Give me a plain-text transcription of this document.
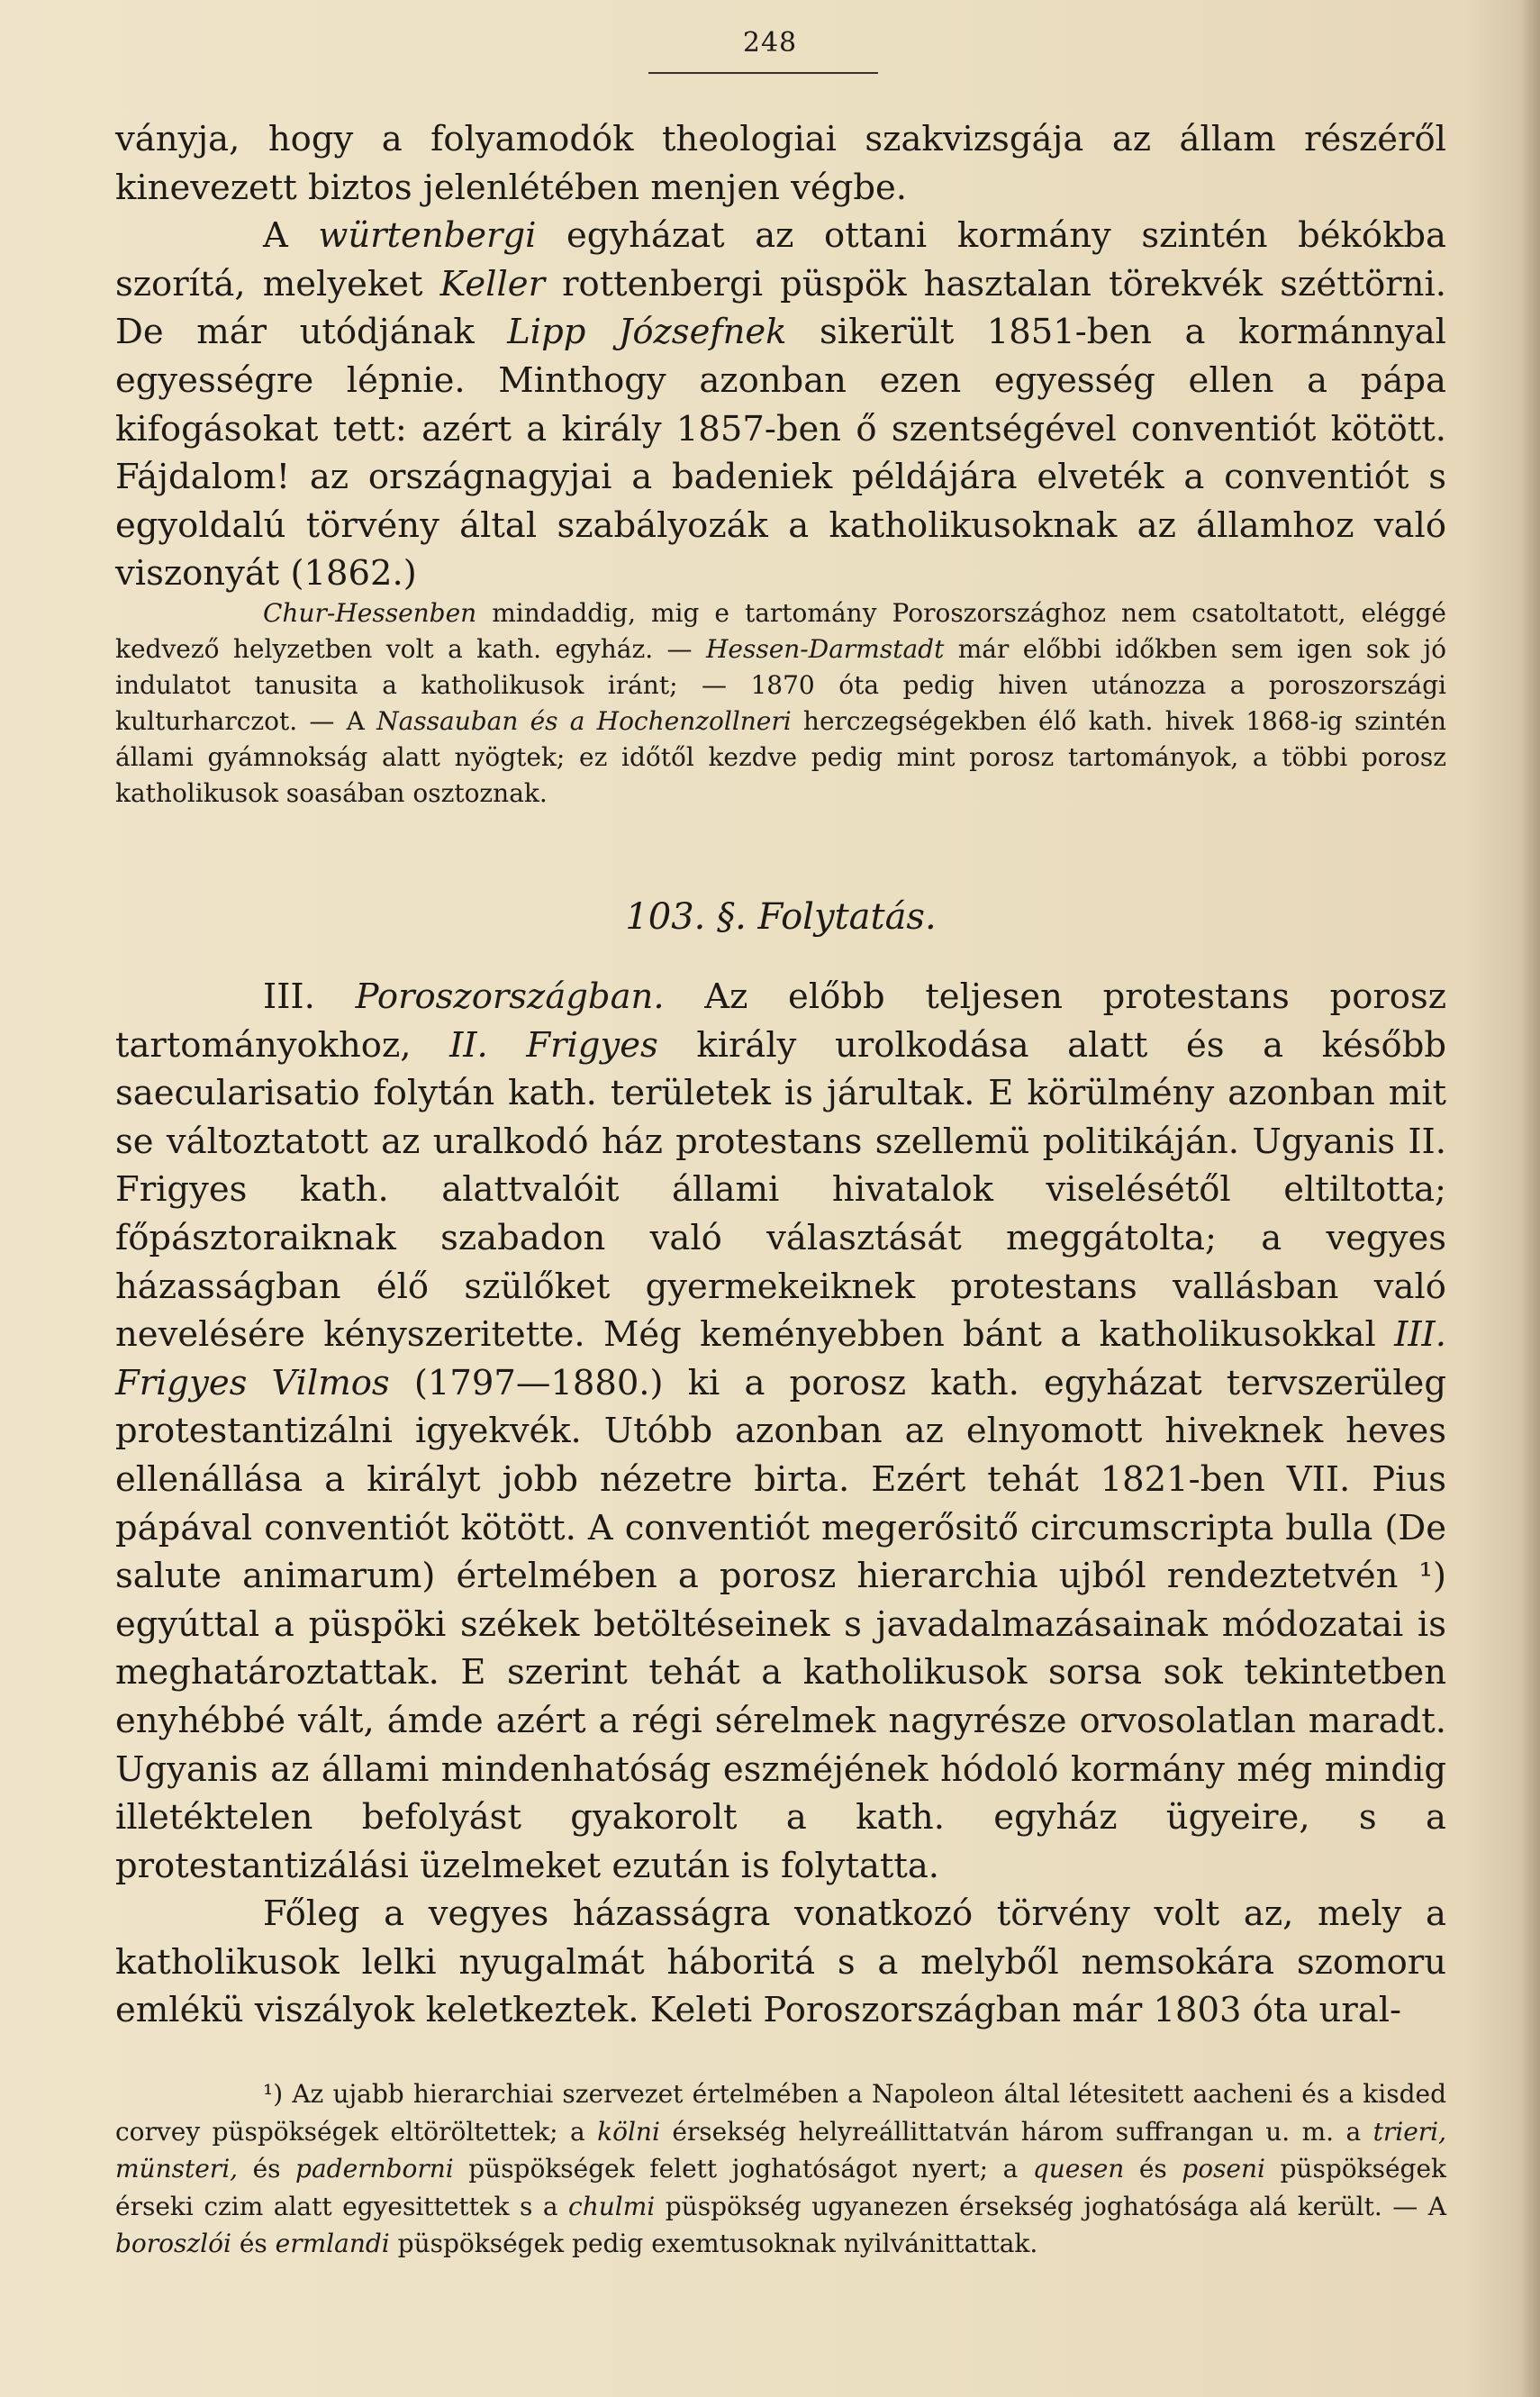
248

ványja, hogy a folyamodók theologiai szakvizsgája az állam részéről kinevezett biztos jelenlétében menjen végbe.

A würtenbergi egyházat az ottani kormány szintén békókba szorítá, melyeket Keller rottenbergi püspök hasztalan törekvék széttörni. De már utódjának Lipp Józsefnek sikerült 1851-ben a kormánnyal egyességre lépnie. Minthogy azonban ezen egyesség ellen a pápa kifogásokat tett: azért a király 1857-ben ő szentségével conventiót kötött. Fájdalom! az országnagyjai a badeniek példájára elveték a conventiót s egyoldalú törvény által szabályozák a katholikusoknak az államhoz való viszonyát (1862.)

Chur-Hessenben mindaddig, mig e tartomány Poroszországhoz nem csatoltatott, eléggé kedvező helyzetben volt a kath. egyház. — Hessen-Darmstadt már előbbi időkben sem igen sok jó indulatot tanusita a katholikusok iránt; — 1870 óta pedig hiven utánozza a poroszországi kulturharczot. — A Nassauban és a Hochenzollneri herczegségekben élő kath. hivek 1868-ig szintén állami gyámnokság alatt nyögtek; ez időtől kezdve pedig mint porosz tartományok, a többi porosz katholikusok soasában osztoznak.

103. §. Folytatás.

III. Poroszországban. Az előbb teljesen protestans porosz tartományokhoz, II. Frigyes király urolkodása alatt és a később saecularisatio folytán kath. területek is járultak. E körülmény azonban mit se változtatott az uralkodó ház protestans szellemü politikáján. Ugyanis II. Frigyes kath. alattvalóit állami hivatalok viselésétől eltiltotta; főpásztoraiknak szabadon való választását meggátolta; a vegyes házasságban élő szülőket gyermekeiknek protestans vallásban való nevelésére kényszeritette. Még keményebben bánt a katholikusokkal III. Frigyes Vilmos (1797—1880.) ki a porosz kath. egyházat tervszerüleg protestantizálni igyekvék. Utóbb azonban az elnyomott hiveknek heves ellenállása a királyt jobb nézetre birta. Ezért tehát 1821-ben VII. Pius pápával conventiót kötött. A conventiót megerősitő circumscripta bulla (De salute animarum) értelmében a porosz hierarchia ujból rendeztetvén ¹) egyúttal a püspöki székek betöltéseinek s javadalmazásainak módozatai is meghatároztattak. E szerint tehát a katholikusok sorsa sok tekintetben enyhébbé vált, ámde azért a régi sérelmek nagyrésze orvosolatlan maradt. Ugyanis az állami mindenhatóság eszméjének hódoló kormány még mindig illetéktelen befolyást gyakorolt a kath. egyház ügyeire, s a protestantizálási üzelmeket ezután is folytatta.

Főleg a vegyes házasságra vonatkozó törvény volt az, mely a katholikusok lelki nyugalmát háboritá s a melyből nemsokára szomoru emlékü viszályok keletkeztek. Keleti Poroszországban már 1803 óta ural-

¹) Az ujabb hierarchiai szervezet értelmében a Napoleon által létesitett aacheni és a kisded corvey püspökségek eltöröltettek; a kölni érsekség helyreállittatván három suffrangan u. m. a trieri, münsteri, és padernborni püspökségek felett joghatóságot nyert; a quesen és poseni püspökségek érseki czim alatt egyesittettek s a chulmi püspökség ugyanezen érsekség joghatósága alá került. — A boroszlói és ermlandi püspökségek pedig exemtusoknak nyilvánittattak.
